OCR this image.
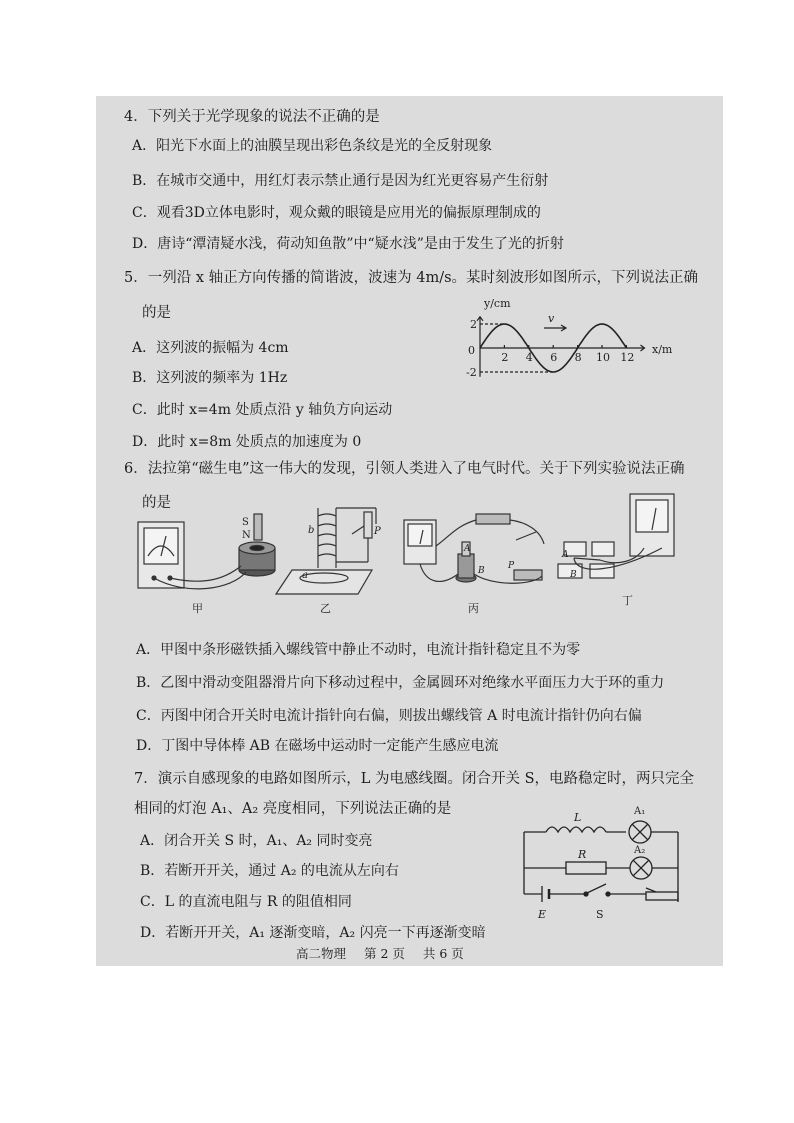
4．下列关于光学现象的说法不正确的是
A．阳光下水面上的油膜呈现出彩色条纹是光的全反射现象
B．在城市交通中，用红灯表示禁止通行是因为红光更容易产生衍射
C．观看3D立体电影时，观众戴的眼镜是应用光的偏振原理制成的
D．唐诗“潭清疑水浅，荷动知鱼散”中“疑水浅”是由于发生了光的折射
5．一列沿 x 轴正方向传播的简谐波，波速为 4m/s。某时刻波形如图所示，下列说法正确
的是
A．这列波的振幅为 4cm
B．这列波的频率为 1Hz
C．此时 x=4m 处质点沿 y 轴负方向运动
D．此时 x=8m 处质点的加速度为 0
y/cm
x/m
v
0
2 4 6 8 10 12
2
-2
6．法拉第“磁生电”这一伟大的发现，引领人类进入了电气时代。关于下列实验说法正确
的是
S
N
甲
b
a
P
乙
A
B	P
丙
A
B
丁
A．甲图中条形磁铁插入螺线管中静止不动时，电流计指针稳定且不为零
B．乙图中滑动变阻器滑片向下移动过程中，金属圆环对绝缘水平面压力大于环的重力
C．丙图中闭合开关时电流计指针向右偏，则拔出螺线管 A 时电流计指针仍向右偏
D．丁图中导体棒 AB 在磁场中运动时一定能产生感应电流
7．演示自感现象的电路如图所示，L 为电感线圈。闭合开关 S，电路稳定时，两只完全
相同的灯泡 A₁、A₂ 亮度相同，下列说法正确的是
A．闭合开关 S 时，A₁、A₂ 同时变亮
B．若断开开关，通过 A₂ 的电流从左向右
C．L 的直流电阻与 R 的阻值相同
D．若断开开关，A₁ 逐渐变暗，A₂ 闪亮一下再逐渐变暗
L	A₁
R	A₂
E	S
高二物理 第 2 页 共 6 页
